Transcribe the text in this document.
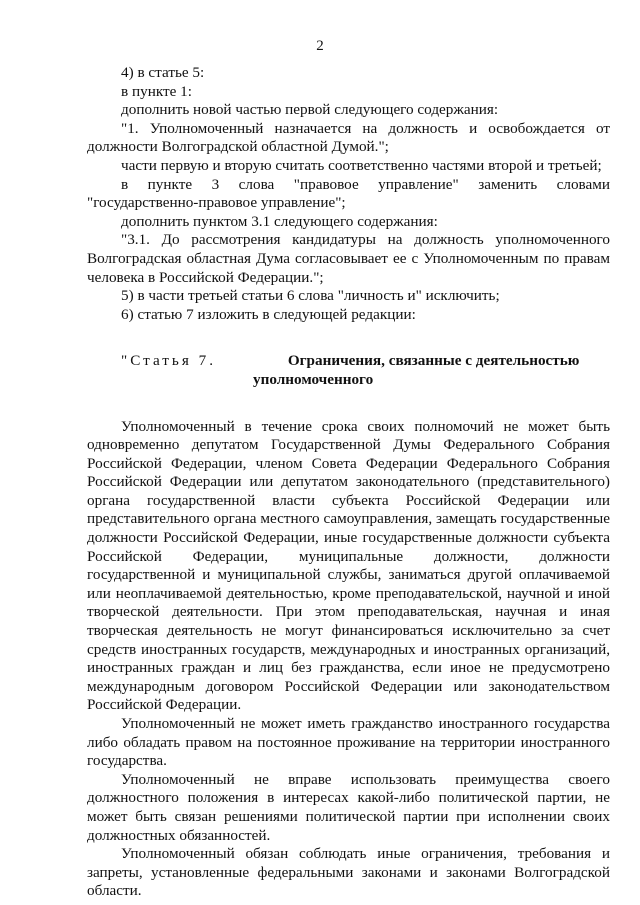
2

4) в статье 5:

в пункте 1:

дополнить новой частью первой следующего содержания:

"1. Уполномоченный назначается на должность и освобождается от должности Волгоградской областной Думой.";

части первую и вторую считать соответственно частями второй и третьей;

в пункте 3 слова "правовое управление" заменить словами "государственно-правовое управление";

дополнить пунктом 3.1 следующего содержания:

"3.1. До рассмотрения кандидатуры на должность уполномоченного Волгоградская областная Дума согласовывает ее с Уполномоченным по правам человека в Российской Федерации.";

5) в части третьей статьи 6 слова "личность и" исключить;

6) статью 7 изложить в следующей редакции:

"Статья 7.
	Ограничения, связанные с деятельностью
уполномоченного

Уполномоченный в течение срока своих полномочий не может быть одновременно депутатом Государственной Думы Федерального Собрания Российской Федерации, членом Совета Федерации Федерального Собрания Российской Федерации или депутатом законодательного (представительного) органа государственной власти субъекта Российской Федерации или представительного органа местного самоуправления, замещать государственные должности Российской Федерации, иные государственные должности субъекта Российской Федерации, муниципальные должности, должности государственной и муниципальной службы, заниматься другой оплачиваемой или неоплачиваемой деятельностью, кроме преподавательской, научной и иной творческой деятельности. При этом преподавательская, научная и иная творческая деятельность не могут финансироваться исключительно за счет средств иностранных государств, международных и иностранных организаций, иностранных граждан и лиц без гражданства, если иное не предусмотрено международным договором Российской Федерации или законодательством Российской Федерации.

Уполномоченный не может иметь гражданство иностранного государства либо обладать правом на постоянное проживание на территории иностранного государства.

Уполномоченный не вправе использовать преимущества своего должностного положения в интересах какой-либо политической партии, не может быть связан решениями политической партии при исполнении своих должностных обязанностей.

Уполномоченный обязан соблюдать иные ограничения, требования и запреты, установленные федеральными законами и законами Волгоградской области.
